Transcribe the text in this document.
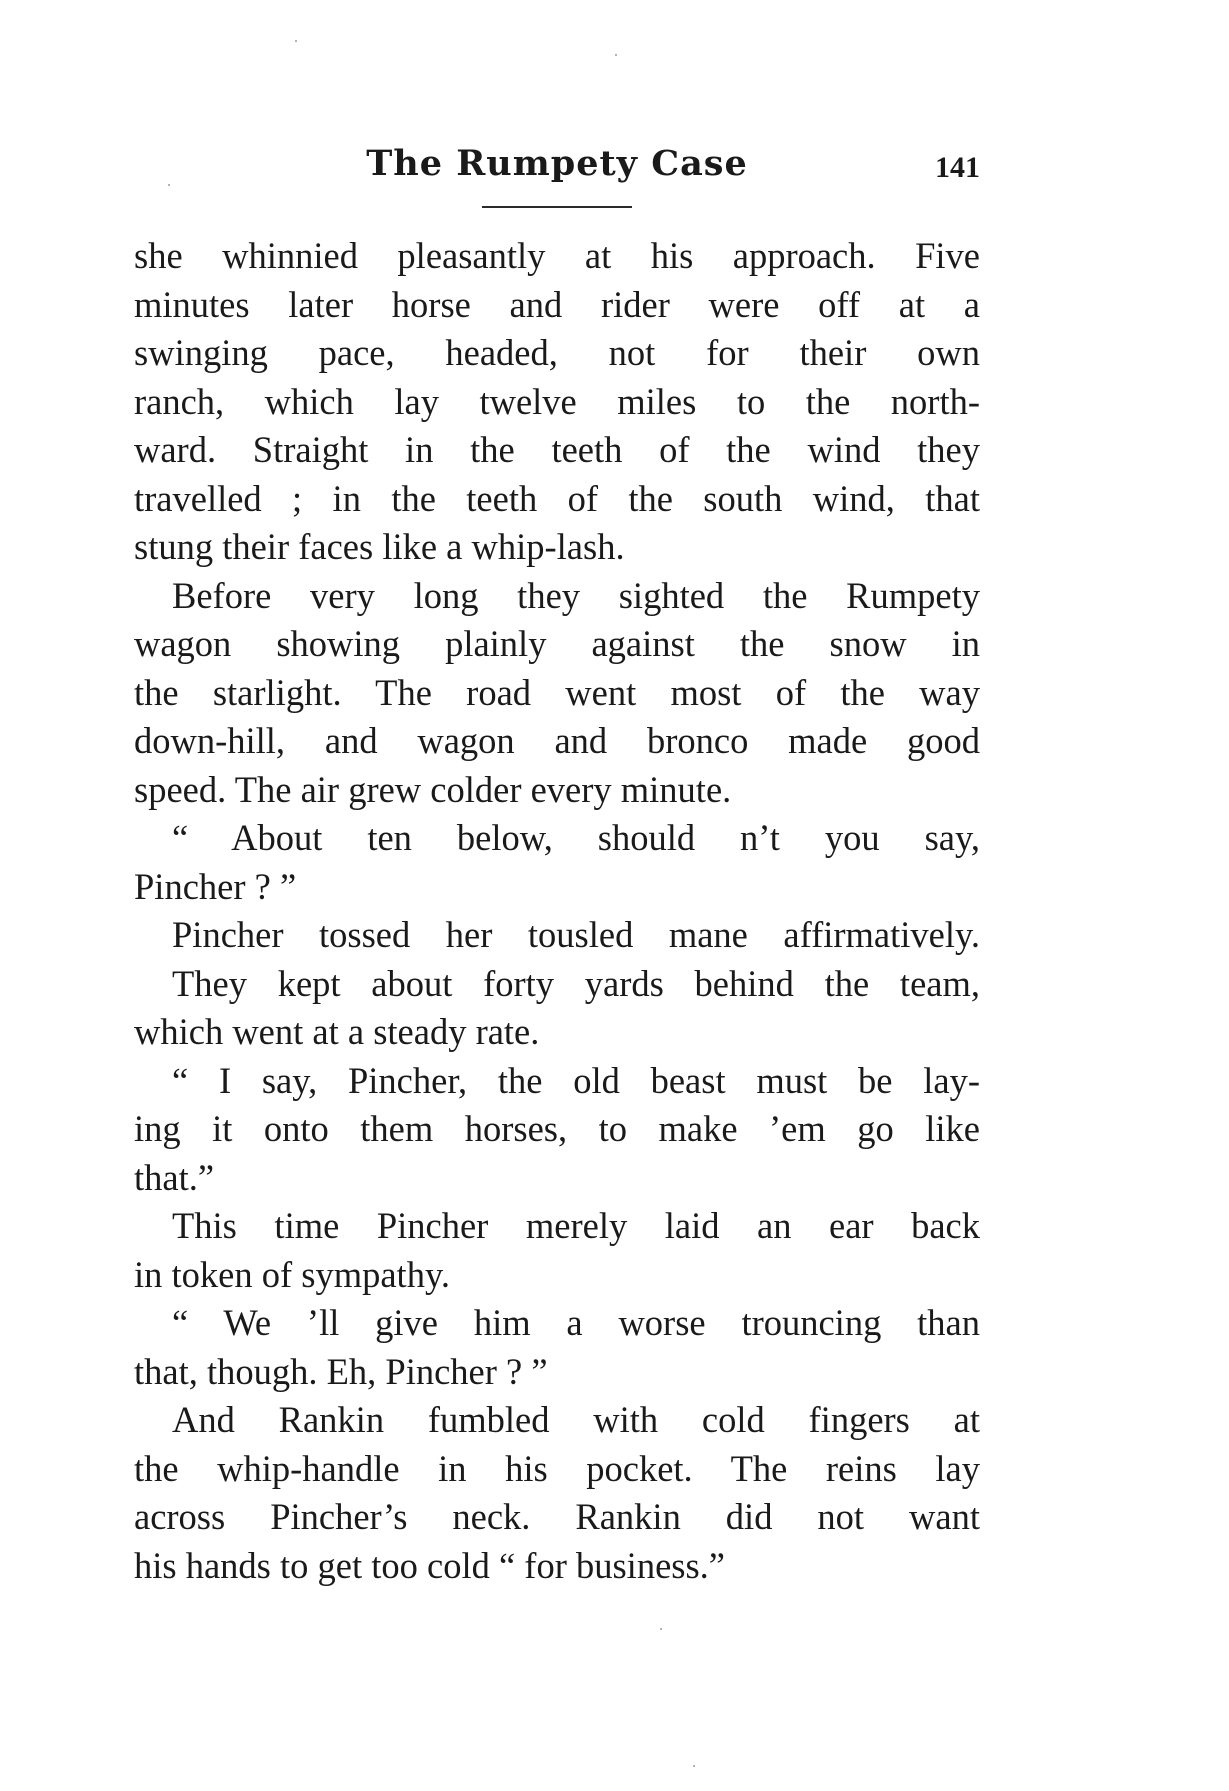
The Rumpety Case	141
she whinnied pleasantly at his approach. Five
minutes later horse and rider were off at a
swinging pace, headed, not for their own
ranch, which lay twelve miles to the north-
ward. Straight in the teeth of the wind they
travelled ; in the teeth of the south wind, that
stung their faces like a whip-lash.
Before very long they sighted the Rumpety
wagon showing plainly against the snow in
the starlight. The road went most of the way
down-hill, and wagon and bronco made good
speed. The air grew colder every minute.
“ About ten below, should n’t you say,
Pincher ? ”
Pincher tossed her tousled mane affirmatively.
They kept about forty yards behind the team,
which went at a steady rate.
“ I say, Pincher, the old beast must be lay-
ing it onto them horses, to make ’em go like
that.”
This time Pincher merely laid an ear back
in token of sympathy.
“ We ’ll give him a worse trouncing than
that, though. Eh, Pincher ? ”
And Rankin fumbled with cold fingers at
the whip-handle in his pocket. The reins lay
across Pincher’s neck. Rankin did not want
his hands to get too cold “ for business.”
